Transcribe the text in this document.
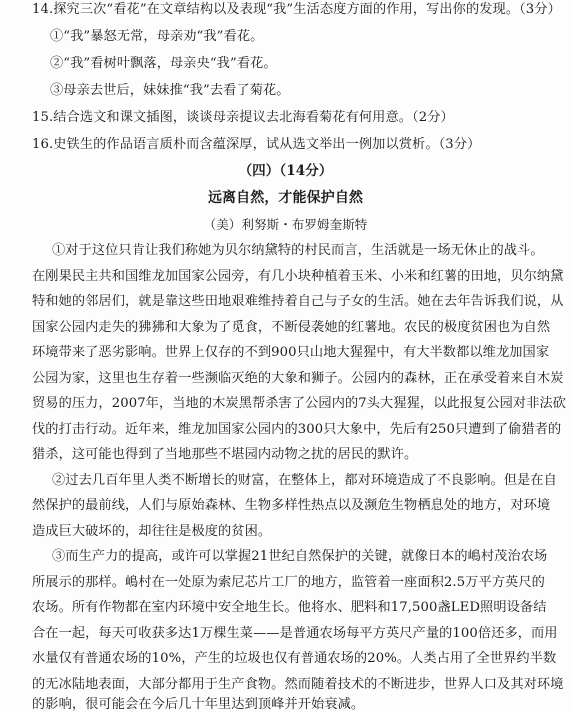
14.探究三次“看花”在文章结构以及表现“我”生活态度方面的作用，写出你的发现。（3分）
①“我”暴怒无常，母亲劝“我”看花。
②“我”看树叶飘落，母亲央“我”看花。
③母亲去世后，妹妹推“我”去看了菊花。
15.结合选文和课文插图，谈谈母亲提议去北海看菊花有何用意。（2分）
16.史铁生的作品语言质朴而含蕴深厚，试从选文举出一例加以赏析。（3分）
（四）（14分）
远离自然，才能保护自然
（美）利努斯・布罗姆奎斯特
①对于这位只肯让我们称她为贝尔纳黛特的村民而言，生活就是一场无休止的战斗。
在刚果民主共和国维龙加国家公园旁，有几小块种植着玉米、小米和红薯的田地，贝尔纳黛
特和她的邻居们，就是靠这些田地艰难维持着自己与子女的生活。她在去年告诉我们说，从
国家公园内走失的狒狒和大象为了觅食，不断侵袭她的红薯地。农民的极度贫困也为自然
环境带来了恶劣影响。世界上仅存的不到900只山地大猩猩中，有大半数都以维龙加国家
公园为家，这里也生存着一些濒临灭绝的大象和狮子。公园内的森林，正在承受着来自木炭
贸易的压力，2007年，当地的木炭黑帮杀害了公园内的7头大猩猩，以此报复公园对非法砍
伐的打击行动。近年来，维龙加国家公园内的300只大象中，先后有250只遭到了偷猎者的
猎杀，这可能也得到了当地那些不堪园内动物之扰的居民的默许。
②过去几百年里人类不断增长的财富，在整体上，都对环境造成了不良影响。但是在自
然保护的最前线，人们与原始森林、生物多样性热点以及濒危生物栖息处的地方，对环境
造成巨大破坏的，却往往是极度的贫困。
③而生产力的提高，或许可以掌握21世纪自然保护的关键，就像日本的嶋村茂治农场
所展示的那样。嶋村在一处原为索尼芯片工厂的地方，监管着一座面积2.5万平方英尺的
农场。所有作物都在室内环境中安全地生长。他将水、肥料和17,500盏LED照明设备结
合在一起，每天可收获多达1万棵生菜——是普通农场每平方英尺产量的100倍还多，而用
水量仅有普通农场的10%，产生的垃圾也仅有普通农场的20%。人类占用了全世界约半数
的无冰陆地表面，大部分都用于生产食物。然而随着技术的不断进步，世界人口及其对环境
的影响，很可能会在今后几十年里达到顶峰并开始衰减。
